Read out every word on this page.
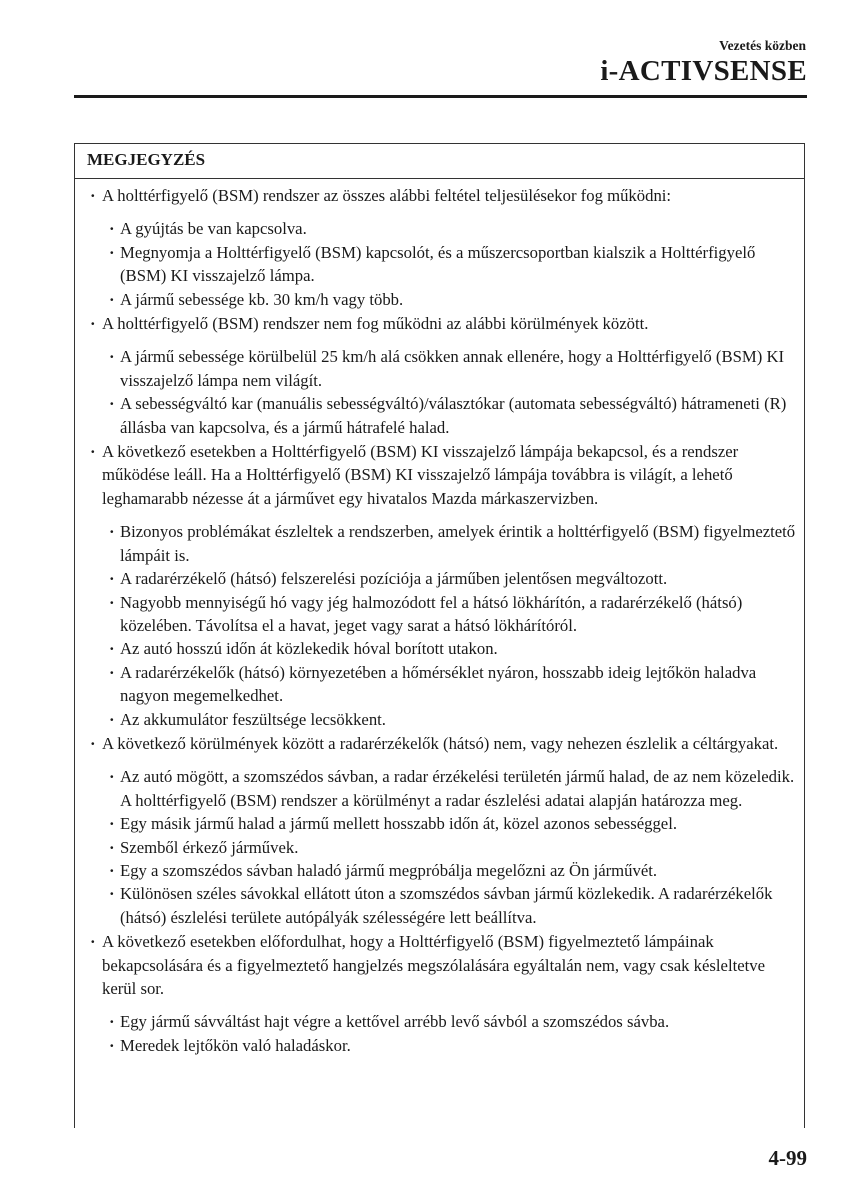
Vezetés közben
i-ACTIVSENSE
MEGJEGYZÉS
· A holttérfigyelő (BSM) rendszer az összes alábbi feltétel teljesülésekor fog működni:
· A gyújtás be van kapcsolva.
· Megnyomja a Holttérfigyelő (BSM) kapcsolót, és a műszercsoportban kialszik a Holttérfigyelő (BSM) KI visszajelző lámpa.
· A jármű sebessége kb. 30 km/h vagy több.
· A holttérfigyelő (BSM) rendszer nem fog működni az alábbi körülmények között.
· A jármű sebessége körülbelül 25 km/h alá csökken annak ellenére, hogy a Holttérfigyelő (BSM) KI visszajelző lámpa nem világít.
· A sebességváltó kar (manuális sebességváltó)/választókar (automata sebességváltó) hátrameneti (R) állásba van kapcsolva, és a jármű hátrafelé halad.
· A következő esetekben a Holttérfigyelő (BSM) KI visszajelző lámpája bekapcsol, és a rendszer működése leáll. Ha a Holttérfigyelő (BSM) KI visszajelző lámpája továbbra is világít, a lehető leghamarabb nézesse át a járművet egy hivatalos Mazda márkaszervizben.
· Bizonyos problémákat észleltek a rendszerben, amelyek érintik a holttérfigyelő (BSM) figyelmeztető lámpáit is.
· A radarérzékelő (hátsó) felszerelési pozíciója a járműben jelentősen megváltozott.
· Nagyobb mennyiségű hó vagy jég halmozódott fel a hátsó lökhárítón, a radarérzékelő (hátsó) közelében. Távolítsa el a havat, jeget vagy sarat a hátsó lökhárítóról.
· Az autó hosszú időn át közlekedik hóval borított utakon.
· A radarérzékelők (hátsó) környezetében a hőmérséklet nyáron, hosszabb ideig lejtőkön haladva nagyon megemelkedhet.
· Az akkumulátor feszültsége lecsökkent.
· A következő körülmények között a radarérzékelők (hátsó) nem, vagy nehezen észlelik a céltárgyakat.
· Az autó mögött, a szomszédos sávban, a radar érzékelési területén jármű halad, de az nem közeledik. A holttérfigyelő (BSM) rendszer a körülményt a radar észlelési adatai alapján határozza meg.
· Egy másik jármű halad a jármű mellett hosszabb időn át, közel azonos sebességgel.
· Szemből érkező járművek.
· Egy a szomszédos sávban haladó jármű megpróbálja megelőzni az Ön járművét.
· Különösen széles sávokkal ellátott úton a szomszédos sávban jármű közlekedik. A radarérzékelők (hátsó) észlelési területe autópályák szélességére lett beállítva.
· A következő esetekben előfordulhat, hogy a Holttérfigyelő (BSM) figyelmeztető lámpáinak bekapcsolására és a figyelmeztető hangjelzés megszólalására egyáltalán nem, vagy csak késleltetve kerül sor.
· Egy jármű sávváltást hajt végre a kettővel arrébb levő sávból a szomszédos sávba.
· Meredek lejtőkön való haladáskor.
4-99
